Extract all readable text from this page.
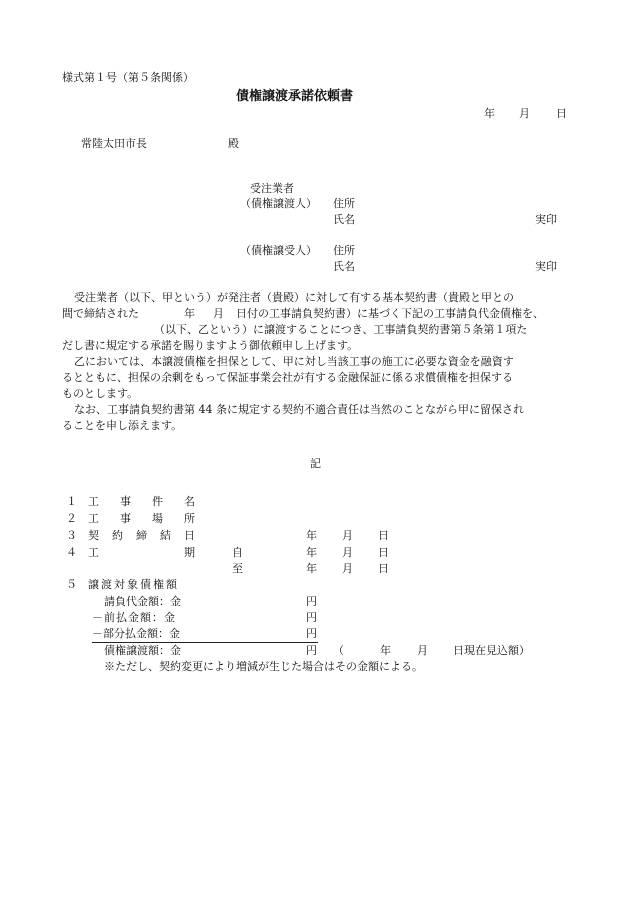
様式第１号（第５条関係）
債権譲渡承諾依頼書
年 月 日
常陸太田市長	殿
受注業者
（債権譲渡人） 住所
氏名	実印
（債権譲受人） 住所
氏名	実印
受注業者（以下、甲という）が発注者（貴殿）に対して有する基本契約書（貴殿と甲との
間で締結された	年 月 日付の工事請負契約書）に基づく下記の工事請負代金債権を、
（以下、乙という）に譲渡することにつき、工事請負契約書第５条第１項た
だし書に規定する承諾を賜りますよう御依頼申し上げます。
乙においては、本譲渡債権を担保として、甲に対し当該工事の施工に必要な資金を融資す
るとともに、担保の余剰をもって保証事業会社が有する金融保証に係る求償債権を担保する
ものとします。
なお、工事請負契約書第 44 条に規定する契約不適合責任は当然のことながら甲に留保され
ることを申し添えます。
記
１ 工 事 件 名
２ 工 事 場 所
３ 契 約 締 結 日	年 月 日
４ 工	期	自	年 月 日
至	年 月 日
５ 譲渡対象債権額
請負代金額：金	円
－前払金額：金	円
－部分払金額：金	円
債権譲渡額：金	円 （	年 月 日現在見込額）
※ただし、契約変更により増減が生じた場合はその金額による。
